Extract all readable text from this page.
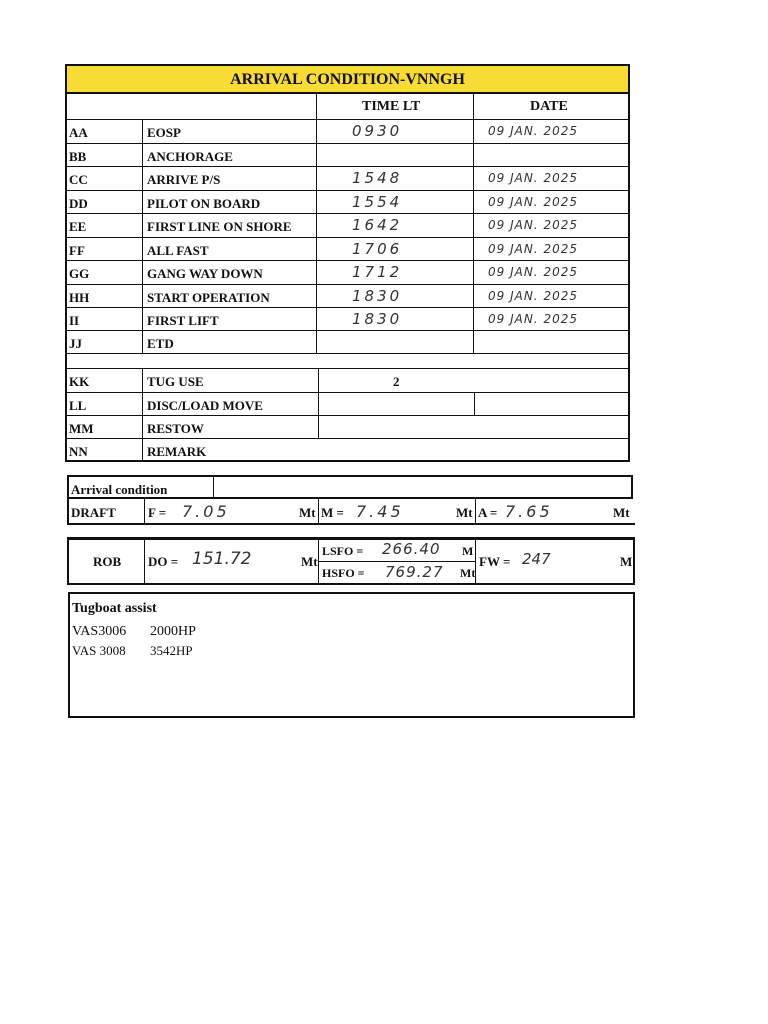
ARRIVAL CONDITION-VNNGH
TIME LT	DATE
AA	EOSP	0930	09 JAN. 2025
BB	ANCHORAGE
CC	ARRIVE P/S	1548	09 JAN. 2025
DD	PILOT ON BOARD	1554	09 JAN. 2025
EE	FIRST LINE ON SHORE	1642	09 JAN. 2025
FF	ALL FAST	1706	09 JAN. 2025
GG	GANG WAY DOWN	1712	09 JAN. 2025
HH	START OPERATION	1830	09 JAN. 2025
II	FIRST LIFT	1830	09 JAN. 2025
JJ	ETD
KK	TUG USE	2
LL	DISC/LOAD MOVE
MM	RESTOW
NN	REMARK
Arrival condition
DRAFT F = 7.05	Mt M = 7.45	Mt A = 7.65	Mt
ROB DO = 151.72	Mt
LSFO = 266.40 M
HSFO = 769.27 Mt
FW = 247	M
Tugboat assist
VAS3006 2000HP
VAS 3008 3542HP
